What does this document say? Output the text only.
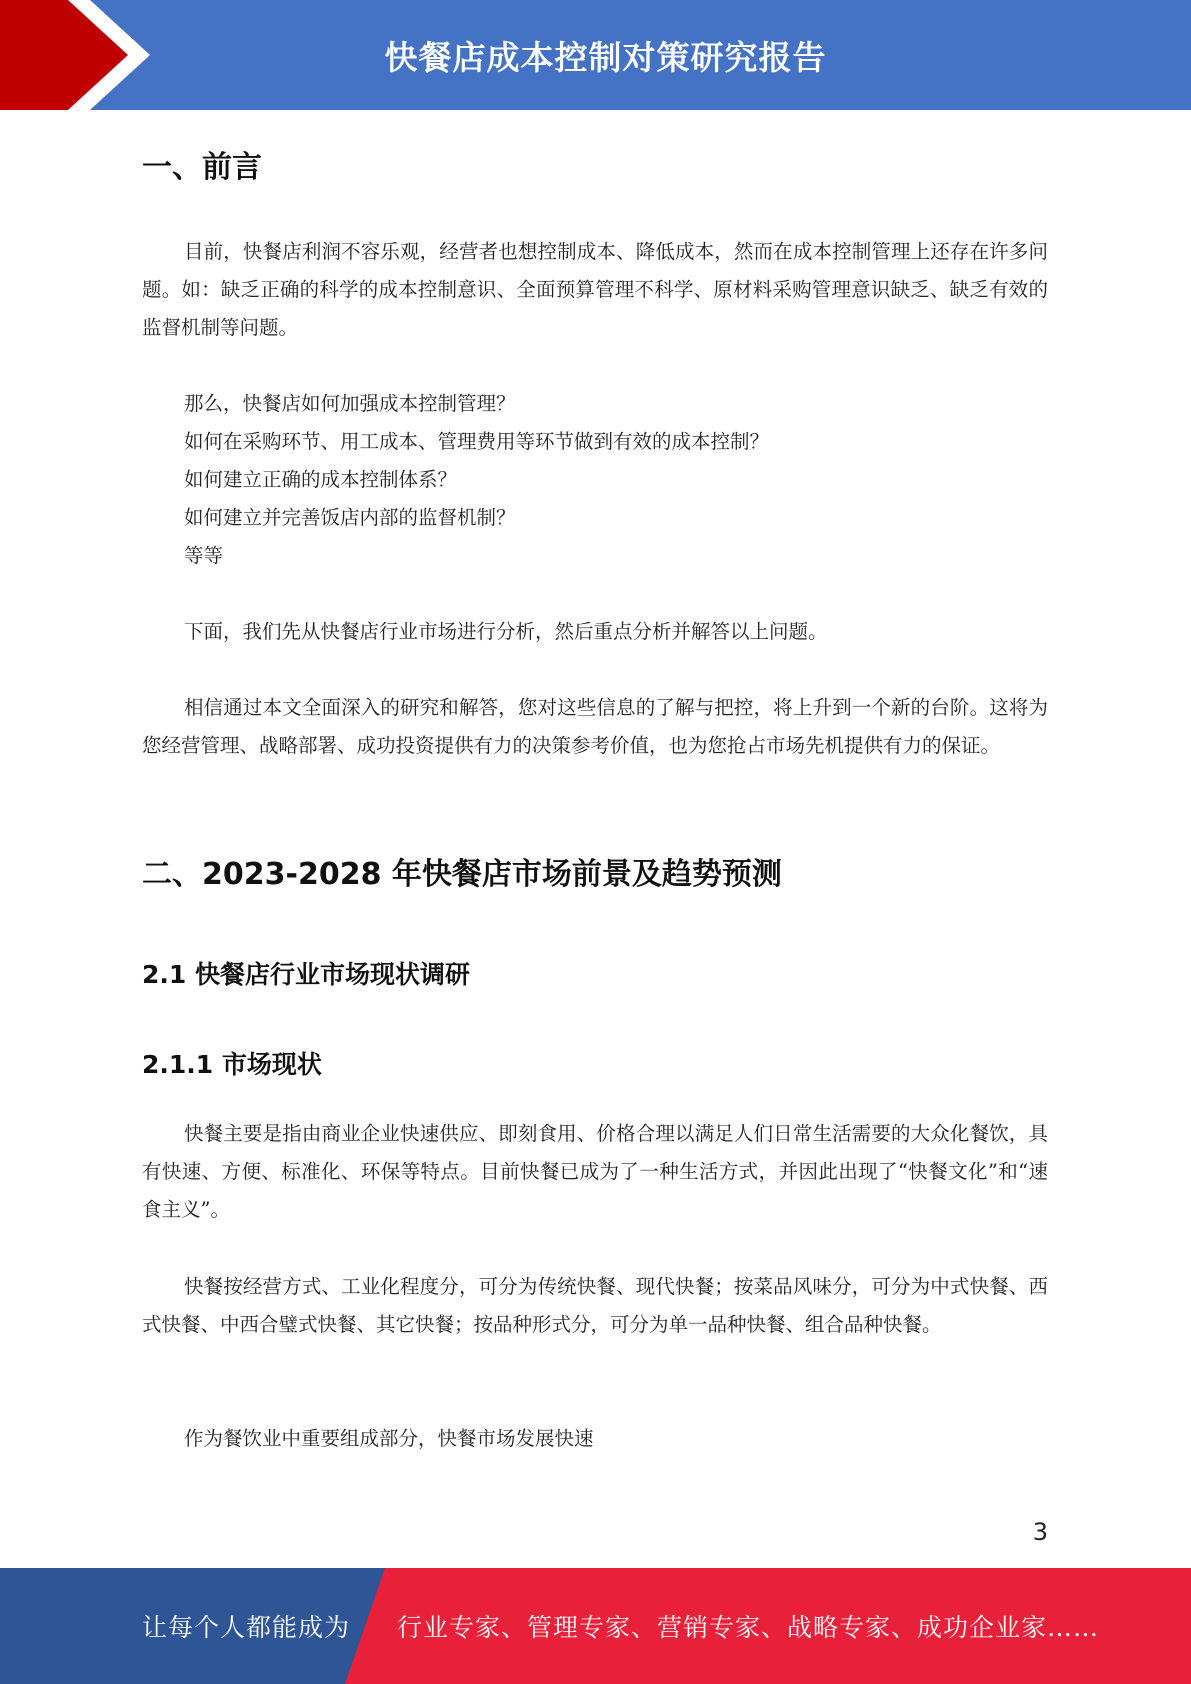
快餐店成本控制对策研究报告
一、前言

目前，快餐店利润不容乐观，经营者也想控制成本、降低成本，然而在成本控制管理上还存在许多问题。如：缺乏正确的科学的成本控制意识、全面预算管理不科学、原材料采购管理意识缺乏、缺乏有效的监督机制等问题。

那么，快餐店如何加强成本控制管理？
如何在采购环节、用工成本、管理费用等环节做到有效的成本控制？
如何建立正确的成本控制体系？
如何建立并完善饭店内部的监督机制？
等等

下面，我们先从快餐店行业市场进行分析，然后重点分析并解答以上问题。

相信通过本文全面深入的研究和解答，您对这些信息的了解与把控，将上升到一个新的台阶。这将为您经营管理、战略部署、成功投资提供有力的决策参考价值，也为您抢占市场先机提供有力的保证。

二、2023-2028 年快餐店市场前景及趋势预测
2.1 快餐店行业市场现状调研
2.1.1 市场现状

快餐主要是指由商业企业快速供应、即刻食用、价格合理以满足人们日常生活需要的大众化餐饮，具有快速、方便、标准化、环保等特点。目前快餐已成为了一种生活方式，并因此出现了“快餐文化”和“速食主义”。

快餐按经营方式、工业化程度分，可分为传统快餐、现代快餐；按菜品风味分，可分为中式快餐、西式快餐、中西合璧式快餐、其它快餐；按品种形式分，可分为单一品种快餐、组合品种快餐。

作为餐饮业中重要组成部分，快餐市场发展快速

3
让每个人都能成为 行业专家、管理专家、营销专家、战略专家、成功企业家……
